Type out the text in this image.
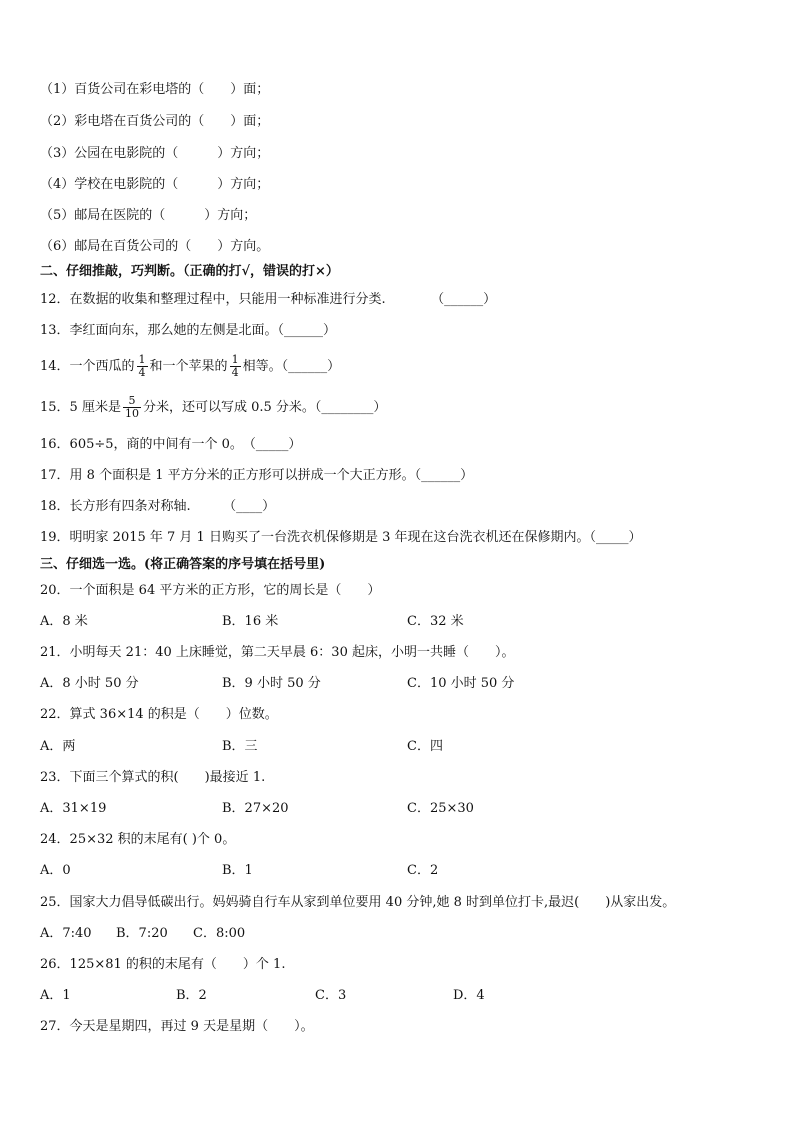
（1）百货公司在彩电塔的（　　）面；
（2）彩电塔在百货公司的（　　）面；
（3）公园在电影院的（　　　）方向；
（4）学校在电影院的（　　　）方向；
（5）邮局在医院的（　　　）方向；
（6）邮局在百货公司的（　　）方向。
二、仔细推敲，巧判断。（正确的打√，错误的打×）
12．在数据的收集和整理过程中，只能用一种标准进行分类.　　　　（______）
13．李红面向东，那么她的左侧是北面。（______）
14．一个西瓜的 $\frac{1}{4}$ 和一个苹果的 $\frac{1}{4}$ 相等。（______）
15．5 厘米是 $\frac{5}{10}$ 分米，还可以写成 0.5 分米。（________）
16．605÷5，商的中间有一个 0。　（_____）
17．用 8 个面积是 1 平方分米的正方形可以拼成一个大正方形。（______）
18．长方形有四条对称轴.　　　（____）
19．明明家 2015 年 7 月 1 日购买了一台洗衣机保修期是 3 年现在这台洗衣机还在保修期内。（_____）
三、仔细选一选。(将正确答案的序号填在括号里)
20．一个面积是 64 平方米的正方形，它的周长是（　　）
A．8 米	B．16 米	C．32 米
21．小明每天 21：40 上床睡觉，第二天早晨 6：30 起床，小明一共睡（　　）。
A．8 小时 50 分	B．9 小时 50 分	C．10 小时 50 分
22．算式 36×14 的积是（　　）位数。
A．两	B．三	C．四
23．下面三个算式的积(　　)最接近 1.
A．31×19	B．27×20	C．25×30
24．25×32 积的末尾有( )个 0。
A．0	B．1	C．2
25．国家大力倡导低碳出行。妈妈骑自行车从家到单位要用 40 分钟,她 8 时到单位打卡,最迟(　　)从家出发。
A．7:40 B．7:20 C．8:00
26．125×81 的积的末尾有（　　）个 1.
A．1	B．2	C．3	D．4
27．今天是星期四，再过 9 天是星期（　　）。
